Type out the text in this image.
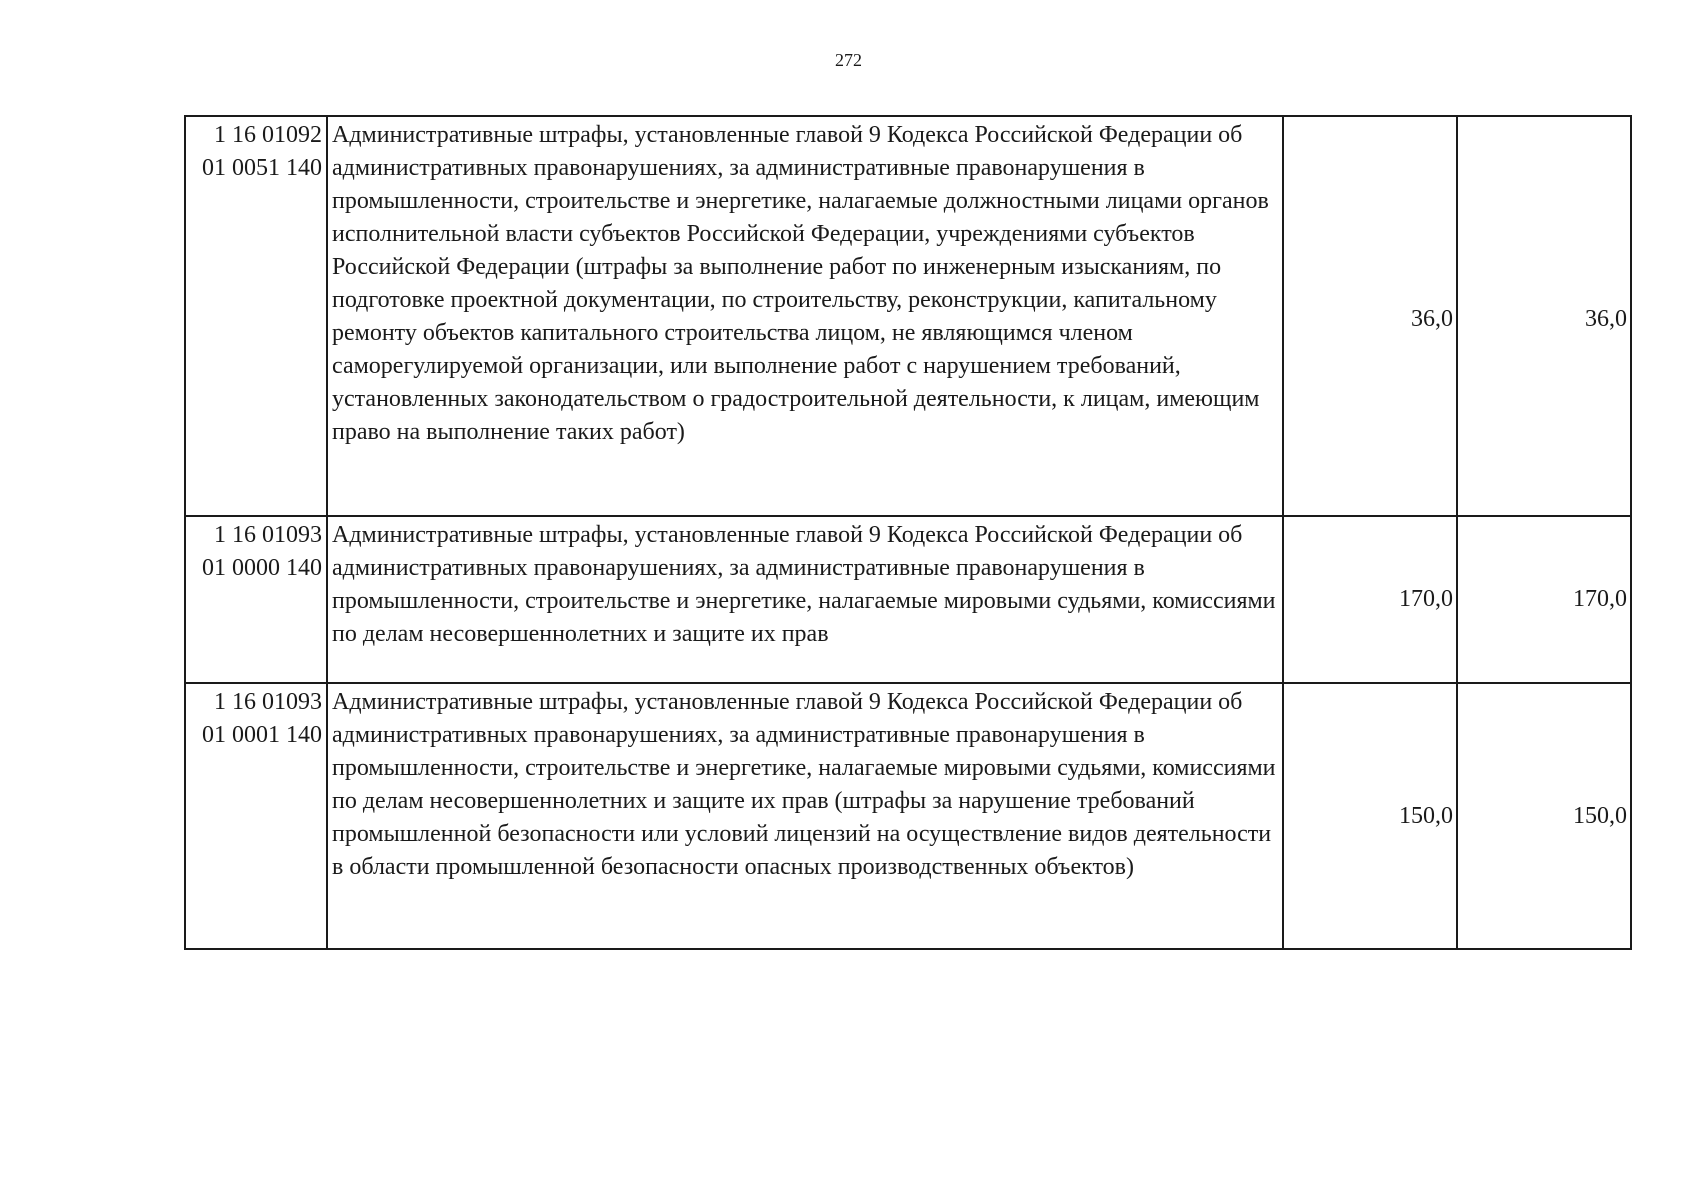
272
1 16 01092
01 0051 140	Административные штрафы, установленные главой 9 Кодекса Российской Федерации об административных правонарушениях, за административные правонарушения в промышленности, строительстве и энергетике, налагаемые должностными лицами органов исполнительной власти субъектов Российской Федерации, учреждениями субъектов Российской Федерации (штрафы за выполнение работ по инженерным изысканиям, по подготовке проектной документации, по строительству, реконструкции, капитальному ремонту объектов капитального строительства лицом, не являющимся членом саморегулируемой организации, или выполнение работ с нарушением требований, установленных законодательством о градостроительной деятельности, к лицам, имеющим право на выполнение таких работ)	36,0	36,0

1 16 01093
01 0000 140	Административные штрафы, установленные главой 9 Кодекса Российской Федерации об административных правонарушениях, за административные правонарушения в промышленности, строительстве и энергетике, налагаемые мировыми судьями, комиссиями по делам несовершеннолетних и защите их прав	170,0	170,0

1 16 01093
01 0001 140	Административные штрафы, установленные главой 9 Кодекса Российской Федерации об административных правонарушениях, за административные правонарушения в промышленности, строительстве и энергетике, налагаемые мировыми судьями, комиссиями по делам несовершеннолетних и защите их прав (штрафы за нарушение требований промышленной безопасности или условий лицензий на осуществление видов деятельности в области промышленной безопасности опасных производственных объектов)	150,0	150,0
